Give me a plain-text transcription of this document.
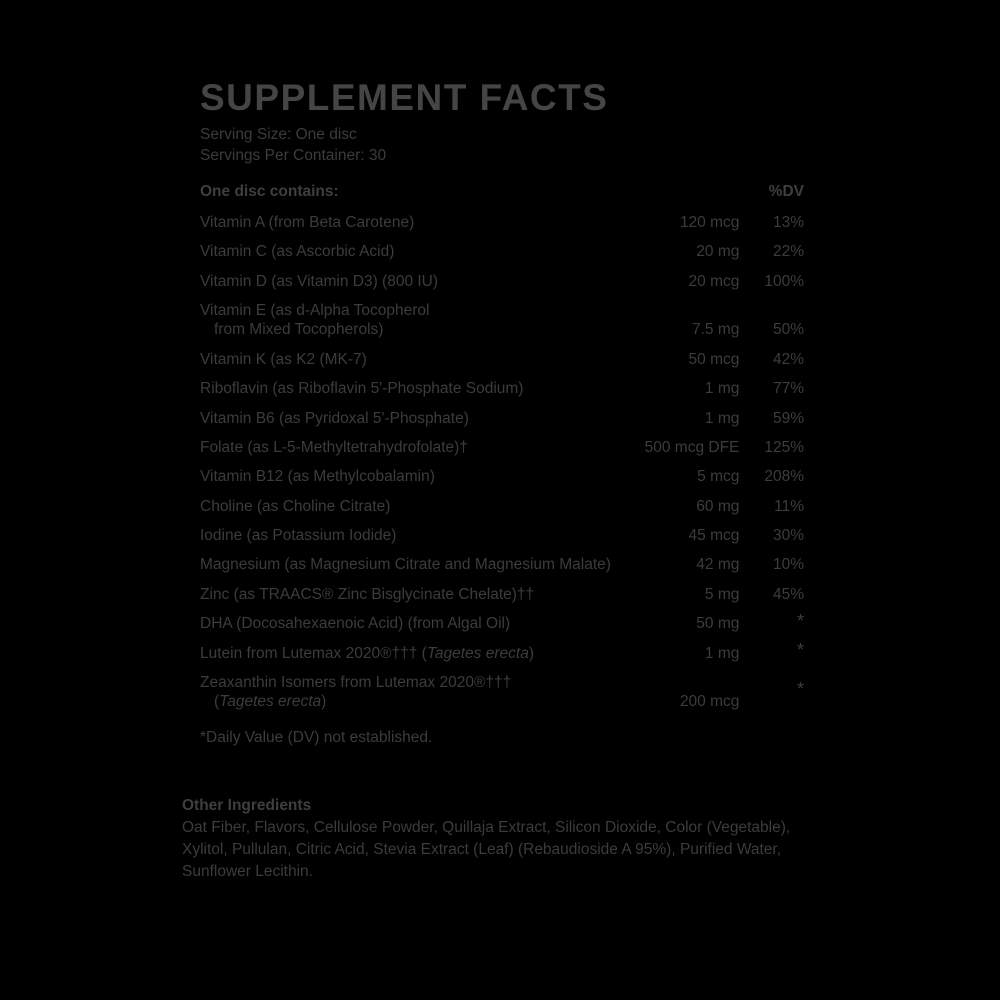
SUPPLEMENT FACTS
Serving Size: One disc
Servings Per Container: 30
One disc contains:		%DV
Vitamin A (from Beta Carotene)	120 mcg	13%
Vitamin C (as Ascorbic Acid)	20 mg	22%
Vitamin D (as Vitamin D3) (800 IU)	20 mcg	100%
Vitamin E (as d-Alpha Tocopherol
from Mixed Tocopherols)	7.5 mg	50%
Vitamin K (as K2 (MK-7)	50 mcg	42%
Riboflavin (as Riboflavin 5'-Phosphate Sodium)	1 mg	77%
Vitamin B6 (as Pyridoxal 5'-Phosphate)	1 mg	59%
Folate (as L-5-Methyltetrahydrofolate)†	500 mcg DFE	125%
Vitamin B12 (as Methylcobalamin)	5 mcg	208%
Choline (as Choline Citrate)	60 mg	11%
Iodine (as Potassium Iodide)	45 mcg	30%
Magnesium (as Magnesium Citrate and Magnesium Malate)	42 mg	10%
Zinc (as TRAACS® Zinc Bisglycinate Chelate)††	5 mg	45%
DHA (Docosahexaenoic Acid) (from Algal Oil)	50 mg	*
Lutein from Lutemax 2020®††† (Tagetes erecta)	1 mg	*
Zeaxanthin Isomers from Lutemax 2020®†††
(Tagetes erecta)	200 mcg	*
*Daily Value (DV) not established.
Other Ingredients
Oat Fiber, Flavors, Cellulose Powder, Quillaja Extract, Silicon Dioxide, Color (Vegetable), Xylitol, Pullulan, Citric Acid, Stevia Extract (Leaf) (Rebaudioside A 95%), Purified Water, Sunflower Lecithin.
